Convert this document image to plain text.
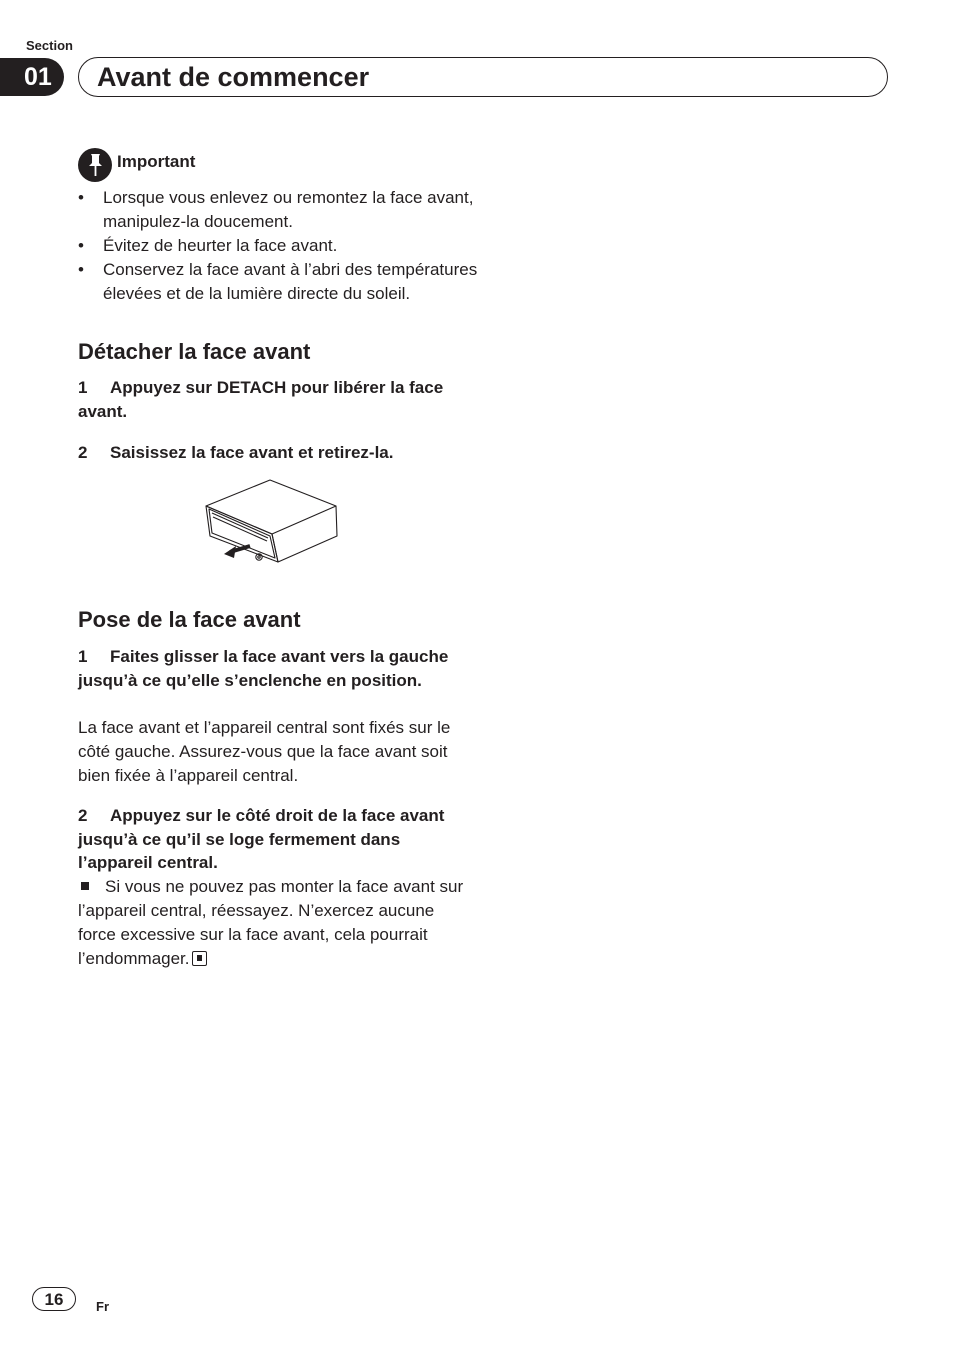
Section
01	Avant de commencer
Important

• Lorsque vous enlevez ou remontez la face avant, manipulez-la doucement.

• Évitez de heurter la face avant.

• Conservez la face avant à l’abri des températures élevées et de la lumière directe du soleil.

Détacher la face avant
1 Appuyez sur DETACH pour libérer la face avant.
2 Saisissez la face avant et retirez-la.
Pose de la face avant
1 Faites glisser la face avant vers la gauche jusqu’à ce qu’elle s’enclenche en position.
La face avant et l’appareil central sont fixés sur le côté gauche. Assurez-vous que la face avant soit bien fixée à l’appareil central.
2 Appuyez sur le côté droit de la face avant jusqu’à ce qu’il se loge fermement dans l’appareil central.
Si vous ne pouvez pas monter la face avant sur l’appareil central, réessayez. N’exercez aucune force excessive sur la face avant, cela pourrait l’endommager.
16	Fr
